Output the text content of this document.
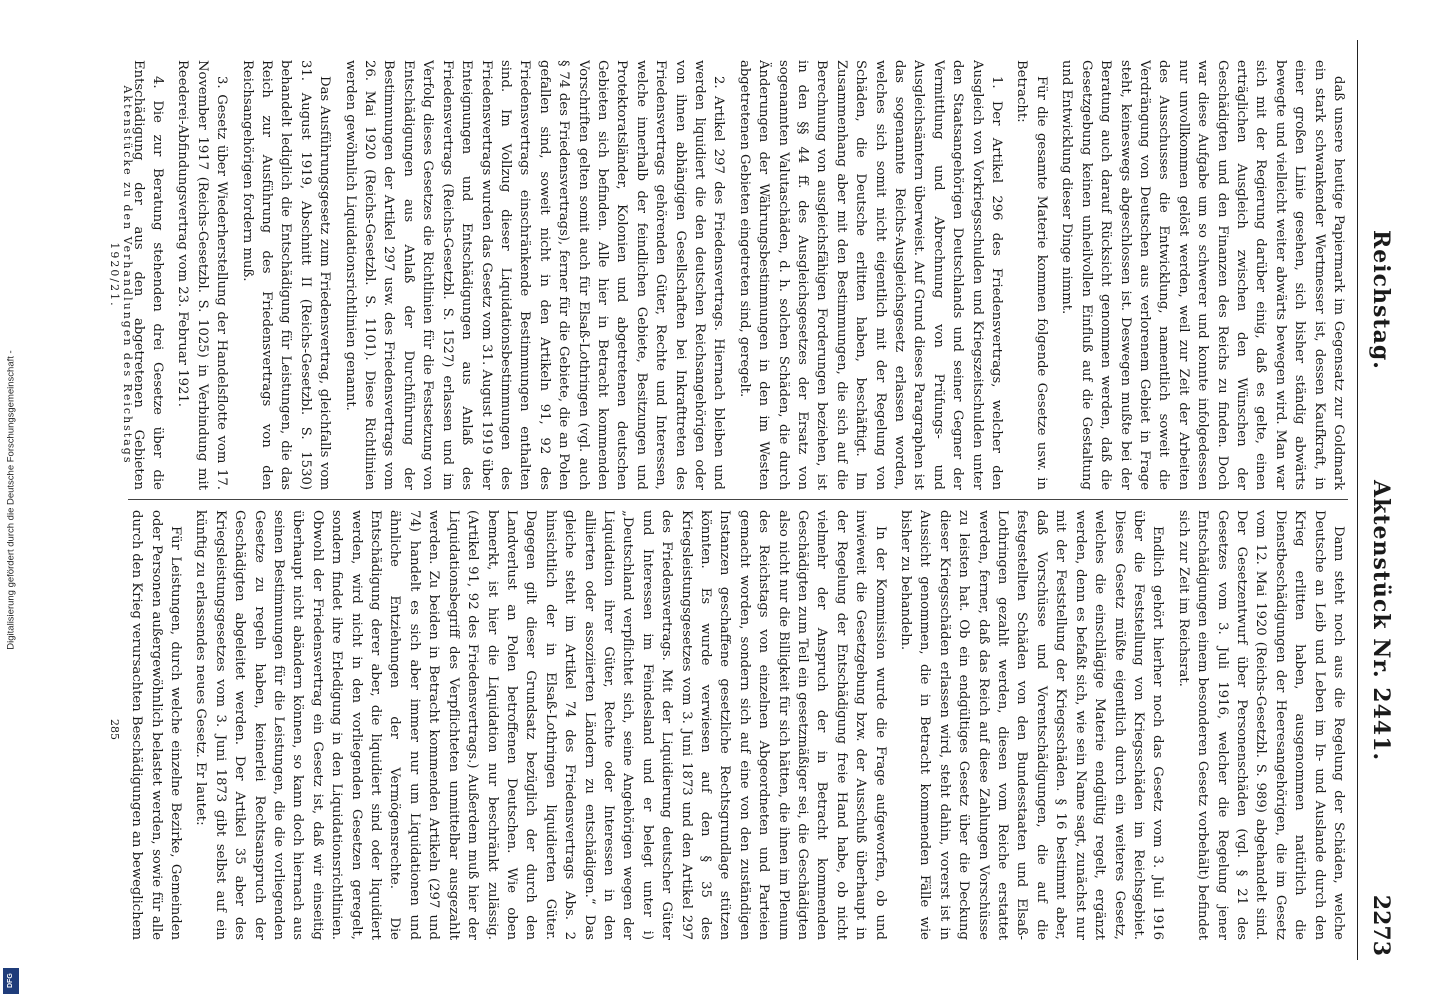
Digitalisierung gefördert durch die Deutsche Forschungsgemeinschaft -
DFG
Reichstag.
Aktenstück Nr. 2441.
2273

daß unsere heutige Papiermark im Gegensatz zur Goldmark ein stark schwankender Wertmesser ist, dessen Kaufkraft, in einer großen Linie gesehen, sich bisher ständig abwärts bewegte und vielleicht weiter abwärts bewegen wird. Man war sich mit der Regierung darüber einig, daß es gelte, einen erträglichen Ausgleich zwischen den Wünschen der Geschädigten und den Finanzen des Reichs zu finden. Doch war diese Aufgabe um so schwerer und konnte infolgedessen nur unvollkommen gelöst werden, weil zur Zeit der Arbeiten des Ausschusses die Entwicklung, namentlich soweit die Verdrängung von Deutschen aus verlorenem Gebiet in Frage steht, keineswegs abgeschlossen ist. Deswegen mußte bei der Beratung auch darauf Rücksicht genommen werden, daß die Gesetzgebung keinen unheilvollen Einfluß auf die Gestaltung und Entwicklung dieser Dinge nimmt.

Für die gesamte Materie kommen folgende Gesetze usw. in Betracht:

1. Der Artikel 296 des Friedensvertrags, welcher den Ausgleich von Vorkriegsschulden und Kriegszeitschulden unter den Staatsangehörigen Deutschlands und seiner Gegner der Vermittlung und Abrechnung von Prüfungs- und Ausgleichsämtern überweist. Auf Grund dieses Paragraphen ist das sogenannte Reichs-Ausgleichsgesetz erlassen worden, welches sich somit nicht eigentlich mit der Regelung von Schäden, die Deutsche erlitten haben, beschäftigt. Im Zusammenhang aber mit den Bestimmungen, die sich auf die Berechnung von ausgleichsfähigen Forderungen beziehen, ist in den §§ 44 ff. des Ausgleichsgesetzes der Ersatz von sogenannten Valutaschäden, d. h. solchen Schäden, die durch Änderungen der Währungsbestimmungen in den im Westen abgetretenen Gebieten eingetreten sind, geregelt.

2. Artikel 297 des Friedensvertrags. Hiernach bleiben und werden liquidiert die den deutschen Reichsangehörigen oder von ihnen abhängigen Gesellschaften bei Inkrafttreten des Friedensvertrags gehörenden Güter, Rechte und Interessen, welche innerhalb der feindlichen Gebiete, Besitzungen und Protektoratsländer, Kolonien und abgetretenen deutschen Gebieten sich befinden. Alle hier in Betracht kommenden Vorschriften gelten somit auch für Elsaß-Lothringen (vgl. auch § 74 des Friedensvertrags), ferner für die Gebiete, die an Polen gefallen sind, soweit nicht in den Artikeln 91, 92 des Friedensvertrags einschränkende Bestimmungen enthalten sind. Im Vollzug dieser Liquidationsbestimmungen des Friedensvertrags wurden das Gesetz vom 31. August 1919 über Enteignungen und Entschädigungen aus Anlaß des Friedensvertrags (Reichs-Gesetzbl. S. 1527) erlassen und im Verfolg dieses Gesetzes die Richtlinien für die Festsetzung von Entschädigungen aus Anlaß der Durchführung der Bestimmungen der Artikel 297 usw. des Friedensvertrags vom 26. Mai 1920 (Reichs-Gesetzbl. S. 1101). Diese Richtlinien werden gewöhnlich Liquidationsrichtlinien genannt.

Das Ausführungsgesetz zum Friedensvertrag, gleichfalls vom 31. August 1919, Abschnitt II (Reichs-Gesetzbl. S. 1530) behandelt lediglich die Entschädigung für Leistungen, die das Reich zur Ausführung des Friedensvertrags von den Reichsangehörigen fordern muß.

3. Gesetz über Wiederherstellung der Handelsflotte vom 17. November 1917 (Reichs-Gesetzbl. S. 1025) in Verbindung mit Reederei-Abfindungsvertrag vom 23. Februar 1921.

4. Die zur Beratung stehenden drei Gesetze über die Entschädigung der aus den abgetretenen Gebieten

Dann steht noch aus die Regelung der Schäden, welche Deutsche an Leib und Leben im In- und Auslande durch den Krieg erlitten haben, ausgenommen natürlich die Dienstbeschädigungen der Heeresangehörigen, die im Gesetz vom 12. Mai 1920 (Reichs-Gesetzbl. S. 989) abgehandelt sind. Der Gesetzentwurf über Personenschäden (vgl. § 21 des Gesetzes vom 3. Juli 1916, welcher die Regelung jener Entschädigungen einem besonderen Gesetz vorbehält) befindet sich zur Zeit im Reichsrat.

Endlich gehört hierher noch das Gesetz vom 3. Juli 1916 über die Feststellung von Kriegsschäden im Reichsgebiet. Dieses Gesetz müßte eigentlich durch ein weiteres Gesetz, welches die einschlägige Materie endgültig regelt, ergänzt werden, denn es befaßt sich, wie sein Name sagt, zunächst nur mit der Feststellung der Kriegsschäden. § 16 bestimmt aber, daß Vorschüsse und Vorentschädigungen, die auf die festgestellten Schäden von den Bundesstaaten und Elsaß-Lothringen gezahlt werden, diesen vom Reiche erstattet werden, ferner, daß das Reich auf diese Zahlungen Vorschüsse zu leisten hat. Ob ein endgültiges Gesetz über die Deckung dieser Kriegsschäden erlassen wird, steht dahin, vorerst ist in Aussicht genommen, die in Betracht kommenden Fälle wie bisher zu behandeln.

In der Kommission wurde die Frage aufgeworfen, ob und inwieweit die Gesetzgebung bzw. der Ausschuß überhaupt in der Regelung der Entschädigung freie Hand habe, ob nicht vielmehr der Anspruch der in Betracht kommenden Geschädigten zum Teil ein gesetzmäßiger sei, die Geschädigten also nicht nur die Billigkeit für sich hätten, die ihnen im Plenum des Reichstags von einzelnen Abgeordneten und Parteien gemacht worden, sondern sich auf eine von den zuständigen Instanzen geschaffene gesetzliche Rechtsgrundlage stützen könnten. Es wurde verwiesen auf den § 35 des Kriegsleistungsgesetzes vom 3. Juni 1873 und den Artikel 297 des Friedensvertrags. Mit der Liquidierung deutscher Güter und Interessen im Feindesland und er belegt unter i) „Deutschland verpflichtet sich, seine Angehörigen wegen der Liquidation ihrer Güter, Rechte oder Interessen in den alliierten oder assoziierten Ländern zu entschädigen.“ Das gleiche steht im Artikel 74 des Friedensvertrags Abs. 2 hinsichtlich der in Elsaß-Lothringen liquidierten Güter. Dagegen gilt dieser Grundsatz bezüglich der durch den Landverlust an Polen betroffenen Deutschen. Wie oben bemerkt, ist hier die Liquidation nur beschränkt zulässig. (Artikel 91, 92 des Friedensvertrags.) Außerdem muß hier der Liquidationsbegriff des Verpflichteten unmittelbar ausgezahlt werden. Zu beiden in Betracht kommenden Artikeln (297 und 74) handelt es sich aber immer nur um Liquidationen und ähnliche Entziehungen der Vermögensrechte. Die Entschädigung derer aber, die liquidiert sind oder liquidiert werden, wird nicht in den vorliegenden Gesetzen geregelt, sondern findet ihre Erledigung in den Liquidationsrichtlinien. Obwohl der Friedensvertrag ein Gesetz ist, daß wir einseitig überhaupt nicht abändern können, so kann doch hiernach aus seinen Bestimmungen für die Leistungen, die die vorliegenden Gesetze zu regeln haben, keinerlei Rechtsanspruch der Geschädigten abgeleitet werden. Der Artikel 35 aber des Kriegsleistungsgesetzes vom 3. Juni 1873 gibt selbst auf ein künftig zu erlassendes neues Gesetz. Er lautet:

Für Leistungen, durch welche einzelne Bezirke, Gemeinden oder Personen außergewöhnlich belastet werden, sowie für alle durch den Krieg verursachten Beschädigungen an beweglichem

Aktenstücke zu den Verhandlungen des Reichstags 1920/21.
285
